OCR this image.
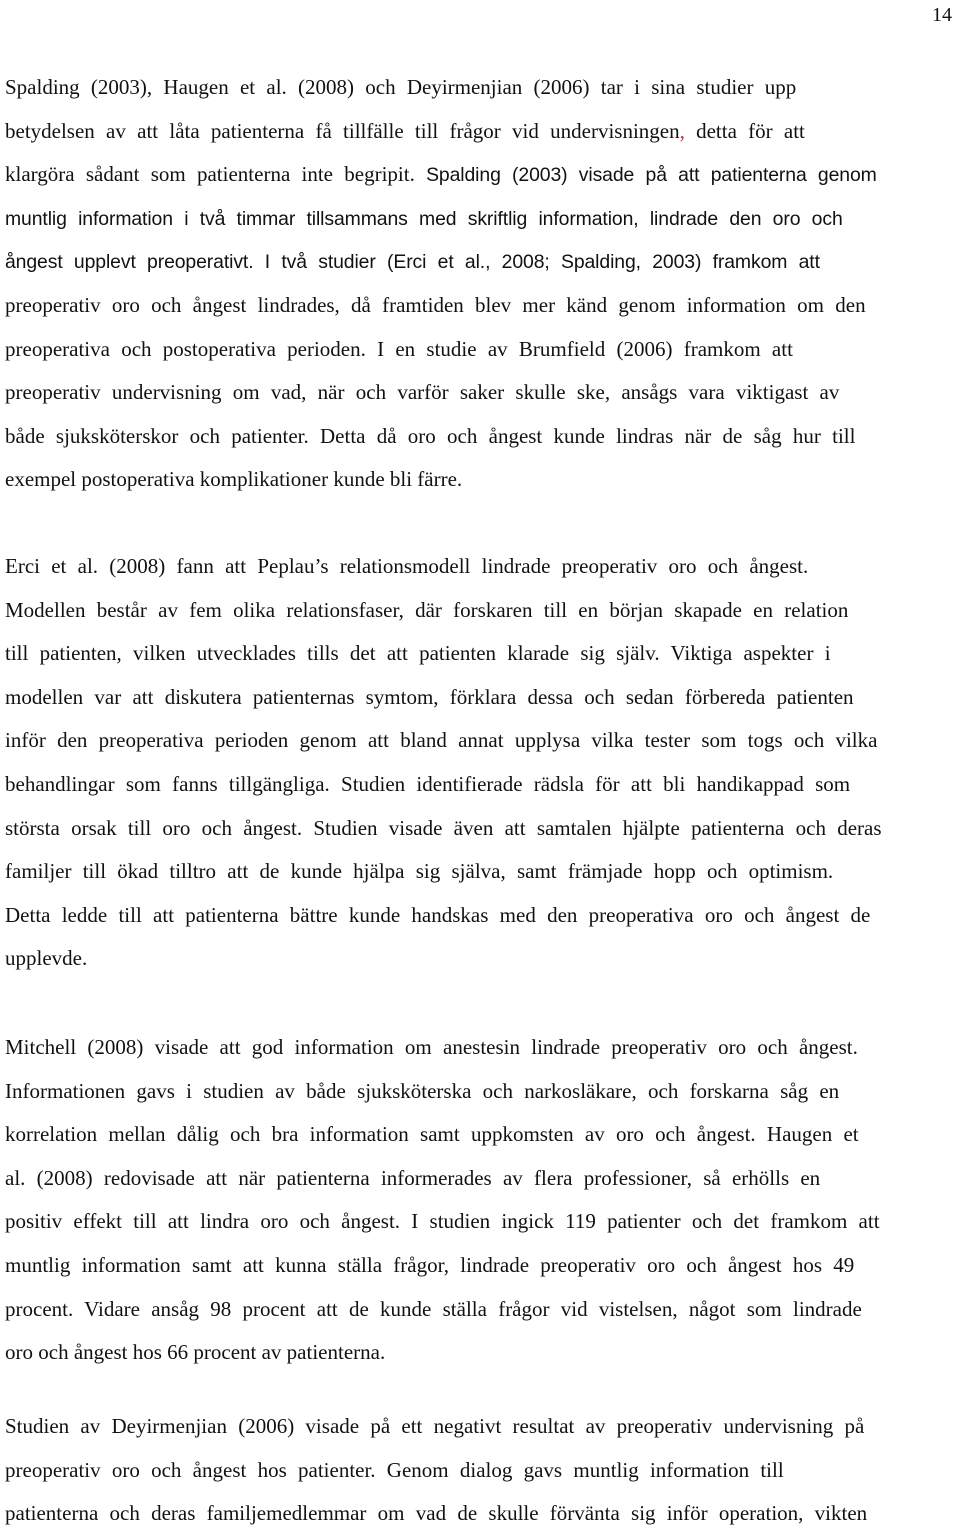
14
Spalding (2003), Haugen et al. (2008) och Deyirmenjian (2006) tar i sina studier upp
betydelsen av att låta patienterna få tillfälle till frågor vid undervisningen, detta för att
klargöra sådant som patienterna inte begripit. Spalding (2003) visade på att patienterna genom
muntlig information i två timmar tillsammans med skriftlig information, lindrade den oro och
ångest upplevt preoperativt. I två studier (Erci et al., 2008; Spalding, 2003) framkom att
preoperativ oro och ångest lindrades, då framtiden blev mer känd genom information om den
preoperativa och postoperativa perioden. I en studie av Brumfield (2006) framkom att
preoperativ undervisning om vad, när och varför saker skulle ske, ansågs vara viktigast av
både sjuksköterskor och patienter. Detta då oro och ångest kunde lindras när de såg hur till
exempel postoperativa komplikationer kunde bli färre.
Erci et al. (2008) fann att Peplau’s relationsmodell lindrade preoperativ oro och ångest.
Modellen består av fem olika relationsfaser, där forskaren till en början skapade en relation
till patienten, vilken utvecklades tills det att patienten klarade sig själv. Viktiga aspekter i
modellen var att diskutera patienternas symtom, förklara dessa och sedan förbereda patienten
inför den preoperativa perioden genom att bland annat upplysa vilka tester som togs och vilka
behandlingar som fanns tillgängliga. Studien identifierade rädsla för att bli handikappad som
största orsak till oro och ångest. Studien visade även att samtalen hjälpte patienterna och deras
familjer till ökad tilltro att de kunde hjälpa sig själva, samt främjade hopp och optimism.
Detta ledde till att patienterna bättre kunde handskas med den preoperativa oro och ångest de
upplevde.
Mitchell (2008) visade att god information om anestesin lindrade preoperativ oro och ångest.
Informationen gavs i studien av både sjuksköterska och narkosläkare, och forskarna såg en
korrelation mellan dålig och bra information samt uppkomsten av oro och ångest. Haugen et
al. (2008) redovisade att när patienterna informerades av flera professioner, så erhölls en
positiv effekt till att lindra oro och ångest. I studien ingick 119 patienter och det framkom att
muntlig information samt att kunna ställa frågor, lindrade preoperativ oro och ångest hos 49
procent. Vidare ansåg 98 procent att de kunde ställa frågor vid vistelsen, något som lindrade
oro och ångest hos 66 procent av patienterna.
Studien av Deyirmenjian (2006) visade på ett negativt resultat av preoperativ undervisning på
preoperativ oro och ångest hos patienter. Genom dialog gavs muntlig information till
patienterna och deras familjemedlemmar om vad de skulle förvänta sig inför operation, vikten
